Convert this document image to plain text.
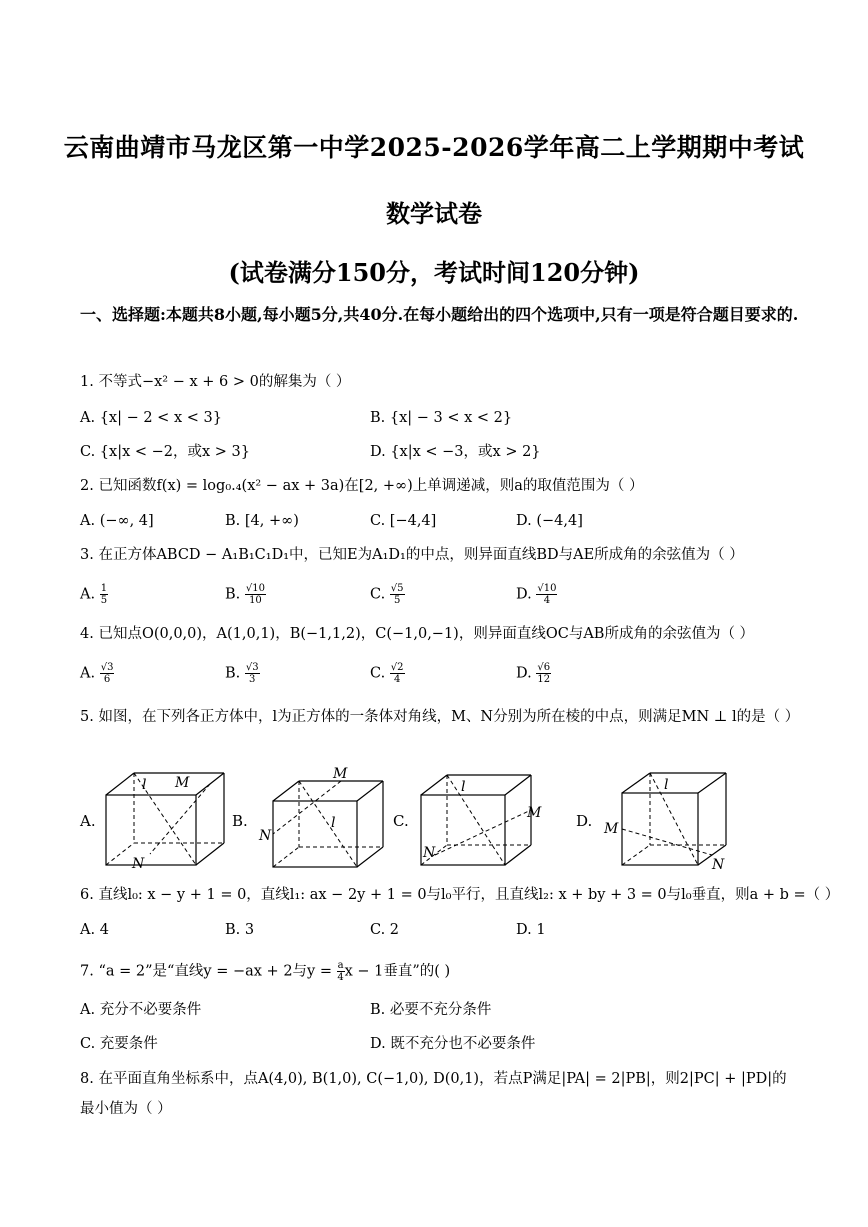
云南曲靖市马龙区第一中学2025-2026学年高二上学期期中考试
数学试卷
(试卷满分150分，考试时间120分钟)
一、选择题:本题共8小题,每小题5分,共40分.在每小题给出的四个选项中,只有一项是符合题目要求的.
1. 不等式−x² − x + 6 > 0的解集为（ ）
A. {x| − 2 < x < 3}	B. {x| − 3 < x < 2}
C. {x|x < −2，或x > 3}	D. {x|x < −3，或x > 2}
2. 已知函数f(x) = log₀.₄(x² − ax + 3a)在[2, +∞)上单调递减，则a的取值范围为（ ）
A. (−∞, 4]	B. [4, +∞)	C. [−4,4]	D. (−4,4]
3. 在正方体ABCD − A₁B₁C₁D₁中，已知E为A₁D₁的中点，则异面直线BD与AE所成角的余弦值为（ ）
A. $\frac{1}{5}$	B. $\frac{√10}{10}$	C. $\frac{√5}{5}$	D. $\frac{√10}{4}$
4. 已知点O(0,0,0)，A(1,0,1)，B(−1,1,2)，C(−1,0,−1)，则异面直线OC与AB所成角的余弦值为（ ）
A. $\frac{√3}{6}$	B. $\frac{√3}{3}$	C. $\frac{√2}{4}$	D. $\frac{√6}{12}$
5. 如图，在下列各正方体中，l为正方体的一条体对角线，M、N分别为所在棱的中点，则满足MN ⊥ l的是（ ）
A.
l M
N
B.
M
l
N
C.
l
M
N
D.
l
M
N
6. 直线l₀: x − y + 1 = 0，直线l₁: ax − 2y + 1 = 0与l₀平行，且直线l₂: x + by + 3 = 0与l₀垂直，则a + b =（ ）
A. 4	B. 3	C. 2	D. 1
7. “a = 2”是“直线y = −ax + 2与$y = \frac{a}{4}$ x − 1垂直”的( )
A. 充分不必要条件	B. 必要不充分条件
C. 充要条件	D. 既不充分也不必要条件
8. 在平面直角坐标系中，点A(4,0), B(1,0), C(−1,0), D(0,1)，若点P满足|PA| = 2|PB|，则2|PC| + |PD|的最小值为（ ）
